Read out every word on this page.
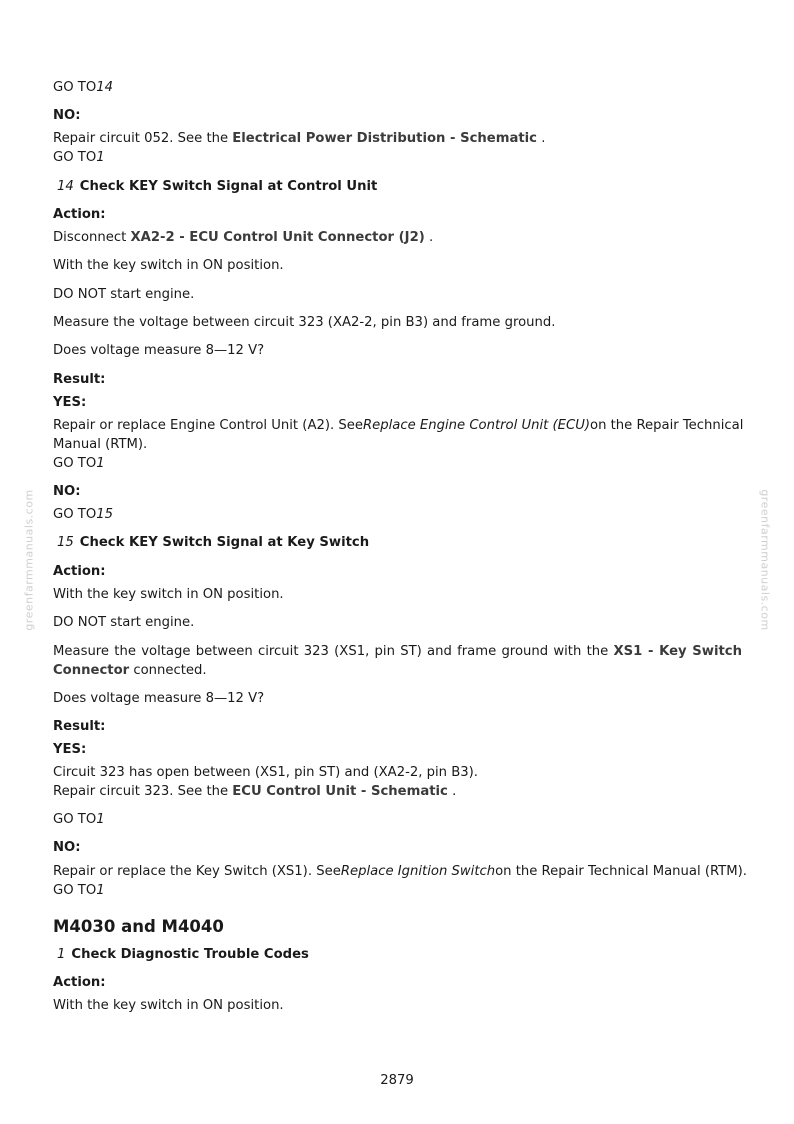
greenfarmmanuals.com	greenfarmmanuals.com
GO TO14
NO:
Repair circuit 052. See the Electrical Power Distribution - Schematic .
GO TO1
14 Check KEY Switch Signal at Control Unit
Action:
Disconnect XA2-2 - ECU Control Unit Connector (J2) .
With the key switch in ON position.
DO NOT start engine.
Measure the voltage between circuit 323 (XA2-2, pin B3) and frame ground.
Does voltage measure 8—12 V?
Result:
YES:
Repair or replace Engine Control Unit (A2). SeeReplace Engine Control Unit (ECU)on the Repair Technical
Manual (RTM).
GO TO1
NO:
GO TO15
15 Check KEY Switch Signal at Key Switch
Action:
With the key switch in ON position.
DO NOT start engine.
Measure the voltage between circuit 323 (XS1, pin ST) and frame ground with the XS1 - Key Switch
Connector connected.
Does voltage measure 8—12 V?
Result:
YES:
Circuit 323 has open between (XS1, pin ST) and (XA2-2, pin B3).
Repair circuit 323. See the ECU Control Unit - Schematic .
GO TO1
NO:
Repair or replace the Key Switch (XS1). SeeReplace Ignition Switchon the Repair Technical Manual (RTM).
GO TO1
M4030 and M4040
1 Check Diagnostic Trouble Codes
Action:
With the key switch in ON position.
2879
